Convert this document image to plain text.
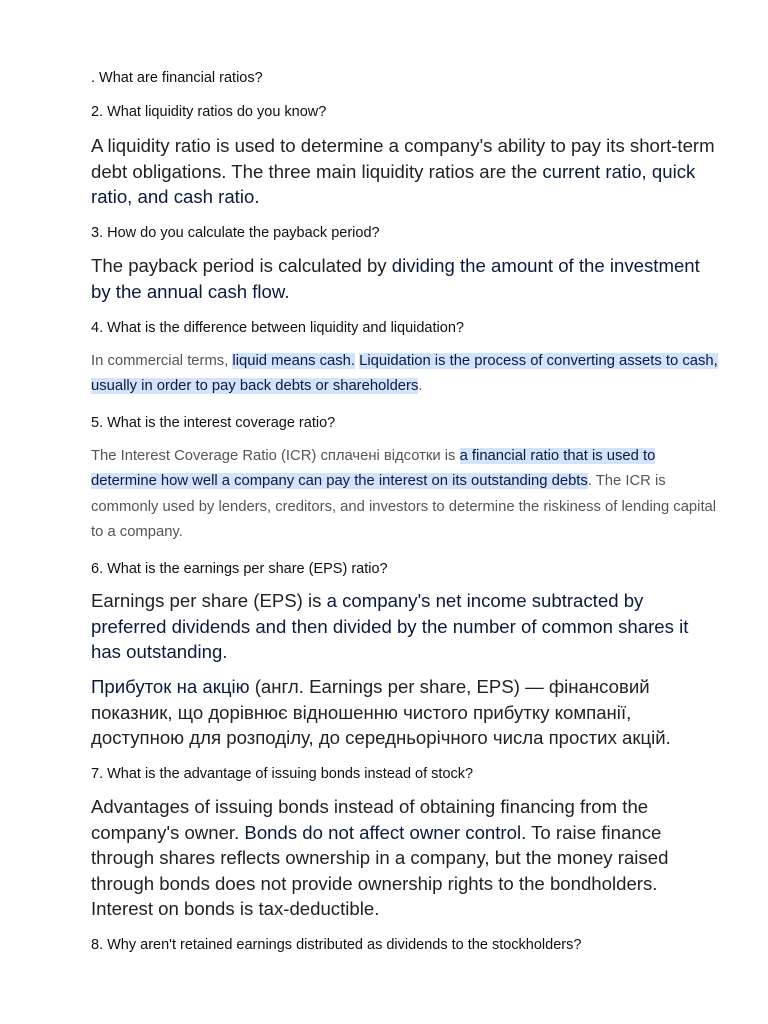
. What are financial ratios?
2. What liquidity ratios do you know?
A liquidity ratio is used to determine a company's ability to pay its short-term debt obligations. The three main liquidity ratios are the current ratio, quick ratio, and cash ratio.
3. How do you calculate the payback period?
The payback period is calculated by dividing the amount of the investment by the annual cash flow.
4. What is the difference between liquidity and liquidation?
In commercial terms, liquid means cash. Liquidation is the process of converting assets to cash, usually in order to pay back debts or shareholders.
5. What is the interest coverage ratio?
The Interest Coverage Ratio (ICR) сплачені відсотки is a financial ratio that is used to determine how well a company can pay the interest on its outstanding debts. The ICR is commonly used by lenders, creditors, and investors to determine the riskiness of lending capital to a company.
6. What is the earnings per share (EPS) ratio?
Earnings per share (EPS) is a company's net income subtracted by preferred dividends and then divided by the number of common shares it has outstanding.
Прибуток на акцію (англ. Earnings per share, EPS) — фінансовий показник, що дорівнює відношенню чистого прибутку компанії, доступною для розподілу, до середньорічного числа простих акцій.
7. What is the advantage of issuing bonds instead of stock?
Advantages of issuing bonds instead of obtaining financing from the company's owner. Bonds do not affect owner control. To raise finance through shares reflects ownership in a company, but the money raised through bonds does not provide ownership rights to the bondholders. Interest on bonds is tax-deductible.
8. Why aren't retained earnings distributed as dividends to the stockholders?
